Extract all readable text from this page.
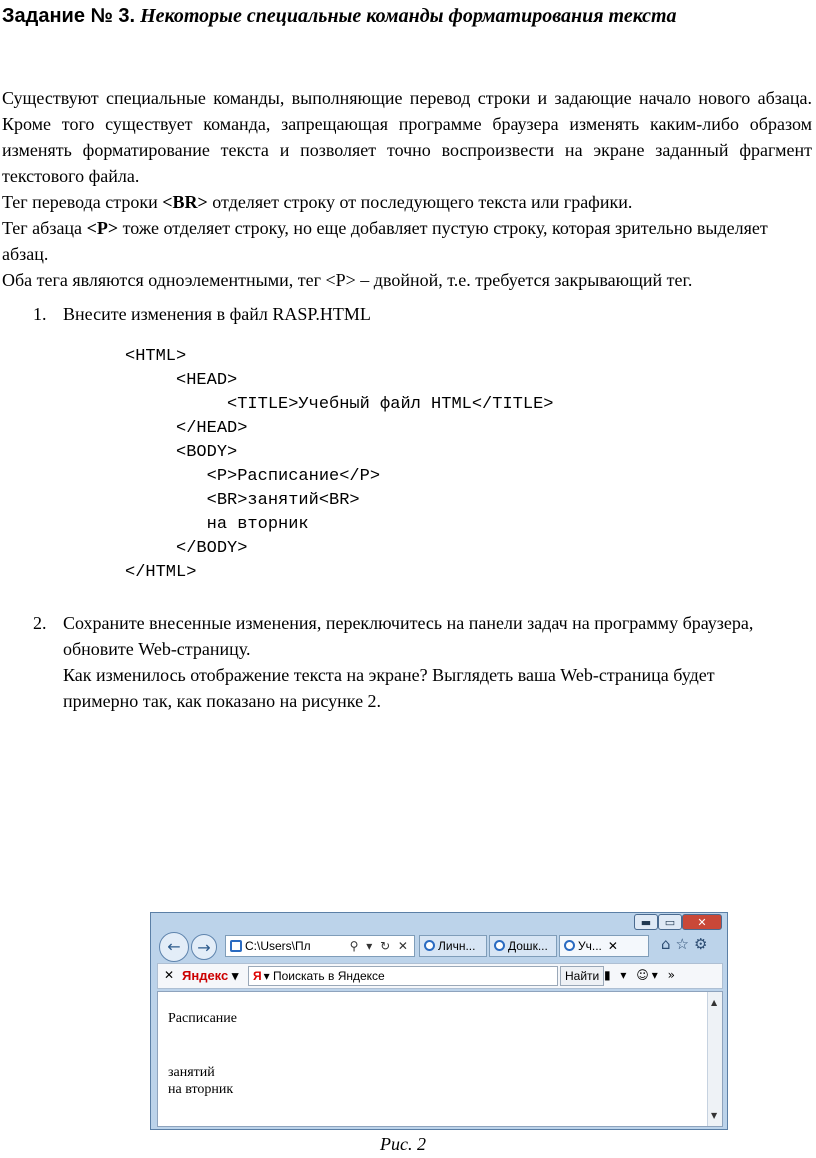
Задание № 3. Некоторые специальные команды форматирования текста

Существуют специальные команды, выполняющие перевод строки и задающие начало нового абзаца. Кроме того существует команда, запрещающая программе браузера изменять каким-либо образом изменять форматирование текста и позволяет точно воспроизвести на экране заданный фрагмент текстового файла.

Тег перевода строки <BR> отделяет строку от последующего текста или графики.

Тег абзаца <P> тоже отделяет строку, но еще добавляет пустую строку, которая зрительно выделяет абзац.

Оба тега являются одноэлементными, тег <P> – двойной, т.е. требуется закрывающий тег.

1. Внесите изменения в файл RASP.HTML
<HTML>
<HEAD>
<TITLE>Учебный файл HTML</TITLE>
</HEAD>
<BODY>
<P>Расписание</P>
<BR>занятий<BR>
на вторник
</BODY>
</HTML>
2. Сохраните внесенные изменения, переключитесь на панели задач на программу браузера, обновите Web-страницу.
Как изменилось отображение текста на экране? Выглядеть ваша Web-страница будет примерно так, как показано на рисунке 2.
▬	▭	✕
←	→	C:\Users\Пл	⚲ ▾ ↻ ✕	Личн...	Дошк...	Уч... ✕	⌂☆⚙
✕ Яндекс ▾	Я ▾ Поискать в Яндексе	Найти ▮ ▾ ☺▾ »
Расписание
занятий
на вторник
▲
▼
Рис. 2
